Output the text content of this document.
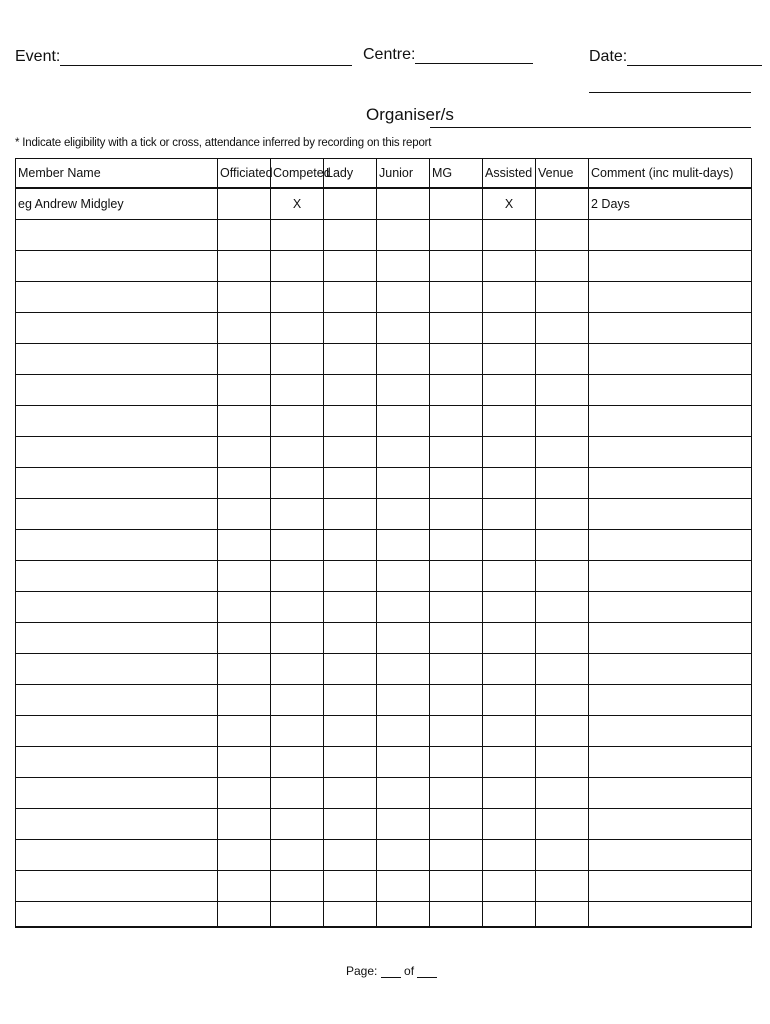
Event:	Centre:	Date:
Organiser/s
* Indicate eligibility with a tick or cross, attendance inferred by recording on this report
Member Name	Officiated	Competed	Lady	Junior	MG	Assisted	Venue	Comment (inc mulit-days)
eg Andrew Midgley		X				X		2 Days

Page: of
